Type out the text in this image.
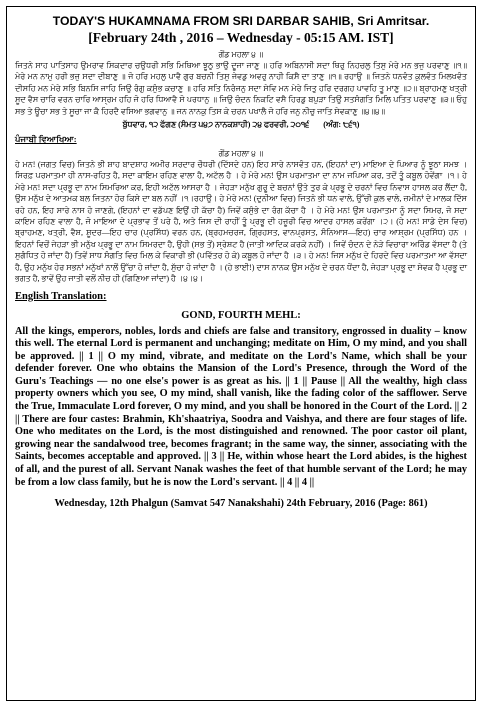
TODAY'S HUKAMNAMA FROM SRI DARBAR SAHIB, Sri Amritsar.
[February 24th , 2016 – Wednesday - 05:15 AM. IST]
ਗੋਂਡ ਮਹਲਾ ੪ ॥

ਜਿਤਨੇ ਸਾਹ ਪਾਤਿਸਾਹ ਉਮਰਾਵ ਸਿਕਦਾਰ ਚਉਧਰੀ ਸਭਿ ਮਿਥਿਆ ਝੂਠੁ ਭਾਉ ਦੂਜਾ ਜਾਣੁ ॥ ਹਰਿ ਅਬਿਨਾਸੀ ਸਦਾ ਥਿਰੁ ਨਿਹਚਲੁ ਤਿਸੁ ਮੇਰੇ ਮਨ ਭਜੁ ਪਰਵਾਣੁ ॥੧॥ ਮੇਰੇ ਮਨ ਨਾਮੁ ਹਰੀ ਭਜੁ ਸਦਾ ਦੀਬਾਣੁ ॥ ਜੋ ਹਰਿ ਮਹਲੁ ਪਾਵੈ ਗੁਰ ਬਚਨੀ ਤਿਸੁ ਜੇਵਡੁ ਅਵਰੁ ਨਾਹੀ ਕਿਸੈ ਦਾ ਤਾਣੁ ॥੧॥ ਰਹਾਉ ॥ ਜਿਤਨੇ ਧਨਵੰਤ ਕੁਲਵੰਤ ਮਿਲਖਵੰਤ ਦੀਸਹਿ ਮਨ ਮੇਰੇ ਸਭਿ ਬਿਨਸਿ ਜਾਹਿ ਜਿਉ ਰੰਗੁ ਕਸੁੰਭ ਕਚਾਣੁ ॥ ਹਰਿ ਸਤਿ ਨਿਰੰਜਨੁ ਸਦਾ ਸੇਵਿ ਮਨ ਮੇਰੇ ਜਿਤੁ ਹਰਿ ਦਰਗਹ ਪਾਵਹਿ ਤੂ ਮਾਣੁ ॥੨॥ ਬ੍ਰਾਹਮਣੁ ਖਤ੍ਰੀ ਸੂਦ ਵੈਸ ਚਾਰਿ ਵਰਨ ਚਾਰਿ ਆਸ੍ਰਮ ਹਹਿ ਜੋ ਹਰਿ ਧਿਆਵੈ ਸੋ ਪਰਧਾਨੁ ॥ ਜਿਉ ਚੰਦਨ ਨਿਕਟਿ ਵਸੈ ਹਿਰਡੁ ਬਪੁੜਾ ਤਿਉ ਸਤਸੰਗਤਿ ਮਿਲਿ ਪਤਿਤ ਪਰਵਾਣੁ ॥੩॥ ਓਹੁ ਸਭ ਤੇ ਊਚਾ ਸਭ ਤੇ ਸੂਚਾ ਜਾ ਕੈ ਹਿਰਦੈ ਵਸਿਆ ਭਗਵਾਨੁ ॥ ਜਨ ਨਾਨਕੁ ਤਿਸ ਕੇ ਚਰਨ ਪਖਾਲੈ ਜੋ ਹਰਿ ਜਨੁ ਨੀਚੁ ਜਾਤਿ ਸੇਵਕਾਣੁ ॥੪॥੪॥

ਬੁੱਧਵਾਰ, ੧੨ ਫੱਗਣ (ਸੰਮਤ ੫੪੭ ਨਾਨਕਸ਼ਾਹੀ) ੨੪ ਫਰਵਰੀ, ੨੦੧੬ (ਅੰਗ: ੮੬੧)
ਪੰਜਾਬੀ ਵਿਆਖਿਆ:
ਗੋਂਡ ਮਹਲਾ ੪ ॥

ਹੇ ਮਨ! (ਜਗਤ ਵਿਚ) ਜਿਤਨੇ ਭੀ ਸ਼ਾਹ ਬਾਦਸ਼ਾਹ ਅਮੀਰ ਸਰਦਾਰ ਚੌਧਰੀ (ਦਿੱਸਦੇ ਹਨ) ਇਹ ਸਾਰੇ ਨਾਸਵੰਤ ਹਨ, (ਇਹਨਾਂ ਦਾ) ਮਾਇਆ ਦੇ ਪਿਆਰ ਨੂੰ ਝੂਠਾ ਸਮਝ । ਸਿਰਫ਼ ਪਰਮਾਤਮਾ ਹੀ ਨਾਸ-ਰਹਿਤ ਹੈ, ਸਦਾ ਕਾਇਮ ਰਹਿਣ ਵਾਲਾ ਹੈ, ਅਟੱਲ ਹੈ । ਹੇ ਮੇਰੇ ਮਨ! ਉਸ ਪਰਮਾਤਮਾ ਦਾ ਨਾਮ ਜਪਿਆ ਕਰ, ਤਦੋਂ ਤੂੰ ਕਬੂਲ ਹੋਵੇਂਗਾ ।੧। ਹੇ ਮੇਰੇ ਮਨ! ਸਦਾ ਪ੍ਰਭੂ ਦਾ ਨਾਮ ਸਿਮਰਿਆ ਕਰ, ਇਹੀ ਅਟੱਲ ਆਸਰਾ ਹੈ । ਜੇਹੜਾ ਮਨੁੱਖ ਗੁਰੂ ਦੇ ਬਚਨਾਂ ਉਤੇ ਤੁਰ ਕੇ ਪ੍ਰਭੂ ਦੇ ਚਰਨਾਂ ਵਿਚ ਨਿਵਾਸ ਹਾਸਲ ਕਰ ਲੈਂਦਾ ਹੈ, ਉਸ ਮਨੁੱਖ ਦੇ ਆਤਮਕ ਬਲ ਜਿਤਨਾ ਹੋਰ ਕਿਸੇ ਦਾ ਬਲ ਨਹੀਂ ।੧।ਰਹਾਉ। ਹੇ ਮੇਰੇ ਮਨ! (ਦੁਨੀਆ ਵਿਚ) ਜਿਤਨੇ ਭੀ ਧਨ ਵਾਲੇ, ਉੱਚੀ ਕੁਲ ਵਾਲੇ, ਜ਼ਮੀਨਾਂ ਦੇ ਮਾਲਕ ਦਿੱਸ ਰਹੇ ਹਨ, ਇਹ ਸਾਰੇ ਨਾਸ ਹੋ ਜਾਣਗੇ, (ਇਹਨਾਂ ਦਾ ਵਡੱਪਣ ਇਉਂ ਹੀ ਕੱਚਾ ਹੈ) ਜਿਵੇਂ ਕਸੁੰਭੇ ਦਾ ਰੰਗ ਕੱਚਾ ਹੈ । ਹੇ ਮੇਰੇ ਮਨ! ਉਸ ਪਰਮਾਤਮਾ ਨੂੰ ਸਦਾ ਸਿਮਰ, ਜੋ ਸਦਾ ਕਾਇਮ ਰਹਿਣ ਵਾਲਾ ਹੈ, ਜੋ ਮਾਇਆ ਦੇ ਪ੍ਰਭਾਵ ਤੋਂ ਪਰੇ ਹੈ, ਅਤੇ ਜਿਸ ਦੀ ਰਾਹੀਂ ਤੂੰ ਪ੍ਰਭੂ ਦੀ ਹਜ਼ੂਰੀ ਵਿਚ ਆਦਰ ਹਾਸਲ ਕਰੇਂਗਾ ।੨। (ਹੇ ਮਨ! ਸਾਡੇ ਦੇਸ ਵਿਚ) ਬ੍ਰਾਹਮਣ, ਖਤ੍ਰੀ, ਵੈਸ਼, ਸ਼ੂਦਰ—ਇਹ ਚਾਰ (ਪ੍ਰਸਿੱਧ) ਵਰਨ ਹਨ, (ਬ੍ਰਹਮਚਰਜ, ਗ੍ਰਿਹਸਤ, ਵਾਨਪ੍ਰਸਤ, ਸੰਨਿਆਸ—ਇਹ) ਚਾਰ ਆਸ਼੍ਰਮ (ਪ੍ਰਸਿੱਧ) ਹਨ । ਇਹਨਾਂ ਵਿਚੋਂ ਜੇਹੜਾ ਭੀ ਮਨੁੱਖ ਪ੍ਰਭੂ ਦਾ ਨਾਮ ਸਿਮਰਦਾ ਹੈ, ਉਹੀ (ਸਭ ਤੋਂ) ਸ੍ਰੇਸ਼ਟ ਹੈ (ਜਾਤੀ ਆਦਿਕ ਕਰਕੇ ਨਹੀਂ) । ਜਿਵੇਂ ਚੰਦਨ ਦੇ ਨੇੜੇ ਵਿਚਾਰਾ ਅਰਿੰਡ ਵੱਸਦਾ ਹੈ (ਤੇ ਸੁਗੰਧਿਤ ਹੋ ਜਾਂਦਾ ਹੈ) ਤਿਵੇਂ ਸਾਧ ਸੰਗਤਿ ਵਿਚ ਮਿਲ ਕੇ ਵਿਕਾਰੀ ਭੀ (ਪਵਿੱਤਰ ਹੋ ਕੇ) ਕਬੂਲ ਹੋ ਜਾਂਦਾ ਹੈ ।੩। ਹੇ ਮਨ! ਜਿਸ ਮਨੁੱਖ ਦੇ ਹਿਰਦੇ ਵਿਚ ਪਰਮਾਤਮਾ ਆ ਵੱਸਦਾ ਹੈ, ਉਹ ਮਨੁੱਖ ਹੋਰ ਸਭਨਾਂ ਮਨੁੱਖਾਂ ਨਾਲੋਂ ਉੱਚਾ ਹੋ ਜਾਂਦਾ ਹੈ, ਸੁੱਚਾ ਹੋ ਜਾਂਦਾ ਹੈ । (ਹੇ ਭਾਈ!) ਦਾਸ ਨਾਨਕ ਉਸ ਮਨੁੱਖ ਦੇ ਚਰਨ ਧੋਂਦਾ ਹੈ, ਜੇਹੜਾ ਪ੍ਰਭੂ ਦਾ ਸੇਵਕ ਹੈ ਪ੍ਰਭੂ ਦਾ ਭਗਤ ਹੈ, ਭਾਵੇਂ ਉਹ ਜਾਤੀ ਵਲੋਂ ਨੀਚ ਹੀ (ਗਿਣਿਆ ਜਾਂਦਾ) ਹੈ ।੪।੪।

English Translation:
GOND, FOURTH MEHL:

All the kings, emperors, nobles, lords and chiefs are false and transitory, engrossed in duality – know this well. The eternal Lord is permanent and unchanging; meditate on Him, O my mind, and you shall be approved. || 1 || O my mind, vibrate, and meditate on the Lord's Name, which shall be your defender forever. One who obtains the Mansion of the Lord's Presence, through the Word of the Guru's Teachings — no one else's power is as great as his. || 1 || Pause || All the wealthy, high class property owners which you see, O my mind, shall vanish, like the fading color of the safflower. Serve the True, Immaculate Lord forever, O my mind, and you shall be honored in the Court of the Lord. || 2 || There are four castes: Brahmin, Kh'shaatriya, Soodra and Vaishya, and there are four stages of life. One who meditates on the Lord, is the most distinguished and renowned. The poor castor oil plant, growing near the sandalwood tree, becomes fragrant; in the same way, the sinner, associating with the Saints, becomes acceptable and approved. || 3 || He, within whose heart the Lord abides, is the highest of all, and the purest of all. Servant Nanak washes the feet of that humble servant of the Lord; he may be from a low class family, but he is now the Lord's servant. || 4 || 4 ||

Wednesday, 12th Phalgun (Samvat 547 Nanakshahi) 24th February, 2016 (Page: 861)
